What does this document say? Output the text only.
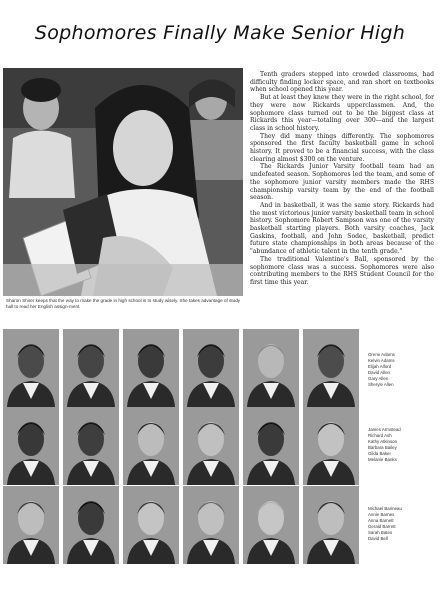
Sophomores Finally Make Senior High
Sharon Shirer keeps that the way to make the grade in high school is to study wisely. She takes advantage of study hall to read her English assign-ment.

Tenth graders stepped into crowded classrooms, had difficulty finding locker space, and ran short on textbooks when school opened this year.

But at least they knew they were in the right school, for they were now Rickards upperclassmen. And, the sophomore class turned out to be the biggest class at Rickards this year—totaling over 300—and the largest class in school history.

They did many things differently. The sophomores sponsored the first faculty basketball game in school history. It proved to be a financial success, with the class clearing almost $300 on the venture.

The Rickards Junior Varsity football team had an undefeated season. Sophomores led the team, and some of the sophomore junior varsity members made the RHS championship varsity team by the end of the football season.

And in basketball, it was the same story. Rickards had the most victorious junior varsity basketball team in school history. Sophomore Robert Sampson was one of the varsity basketball starting players. Both varsity coaches, Jack Gaskins, football, and John Sodec, basketball, predict future state championships in both areas because of the "abundance of athletic talent in the tenth grade."

The traditional Valentine's Ball, sponsored by the sophomore class was a success. Sophomores were also contributing members to the RHS Student Council for the first time this year.

Orene Adams
Kelvin Adams
Elijah Alford
David Allen
Gary Allen
Sheryle Allen
James Armstead
Richard Ash
Kathy Atkinson
Barbara Bailey
Gilda Baker
Melanie Banks
Michael Barineau
Annie Barnes
Anna Barnett
Gerald Barrett
Sarah Bates
David Bell
